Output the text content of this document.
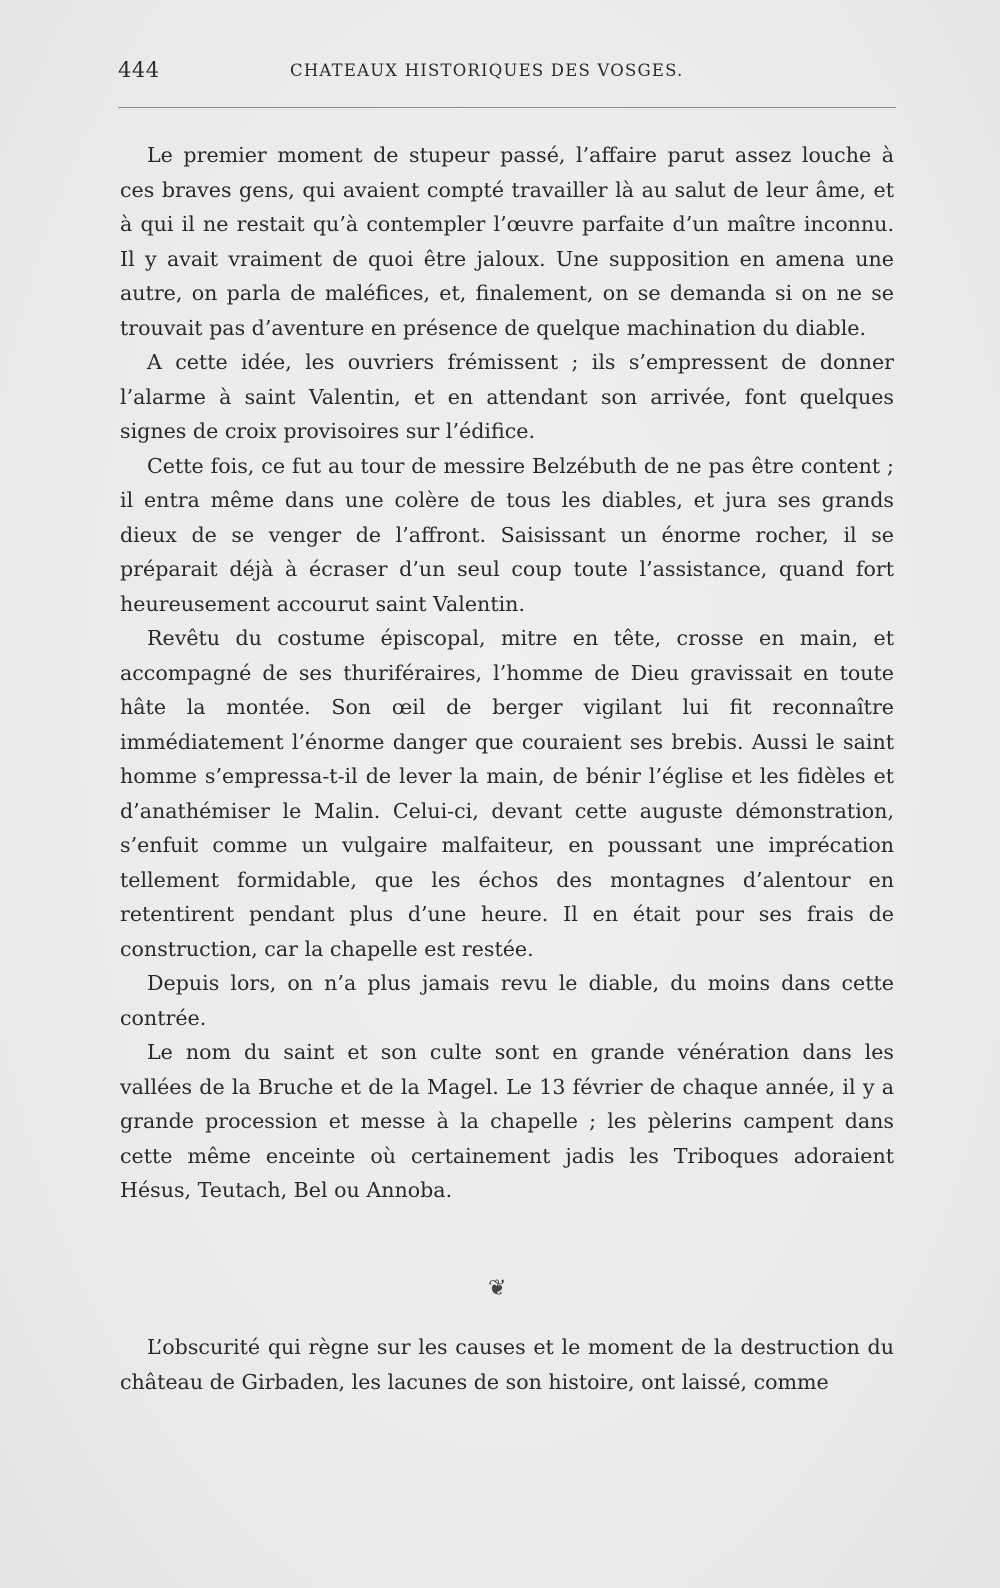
444	CHATEAUX HISTORIQUES DES VOSGES.

Le premier moment de stupeur passé, l’affaire parut assez louche à ces braves gens, qui avaient compté travailler là au salut de leur âme, et à qui il ne restait qu’à contempler l’œuvre parfaite d’un maître inconnu. Il y avait vraiment de quoi être jaloux. Une supposition en amena une autre, on parla de maléfices, et, finalement, on se demanda si on ne se trouvait pas d’aventure en présence de quelque machination du diable.

A cette idée, les ouvriers frémissent ; ils s’empressent de donner l’alarme à saint Valentin, et en attendant son arrivée, font quelques signes de croix provisoires sur l’édifice.

Cette fois, ce fut au tour de messire Belzébuth de ne pas être content ; il entra même dans une colère de tous les diables, et jura ses grands dieux de se venger de l’affront. Saisissant un énorme rocher, il se préparait déjà à écraser d’un seul coup toute l’assistance, quand fort heureusement accourut saint Valentin.

Revêtu du costume épiscopal, mitre en tête, crosse en main, et accompagné de ses thuriféraires, l’homme de Dieu gravissait en toute hâte la montée. Son œil de berger vigilant lui fit reconnaître immédiatement l’énorme danger que couraient ses brebis. Aussi le saint homme s’empressa-t-il de lever la main, de bénir l’église et les fidèles et d’anathémiser le Malin. Celui-ci, devant cette auguste démonstration, s’enfuit comme un vulgaire malfaiteur, en poussant une imprécation tellement formidable, que les échos des montagnes d’alentour en retentirent pendant plus d’une heure. Il en était pour ses frais de construction, car la chapelle est restée.

Depuis lors, on n’a plus jamais revu le diable, du moins dans cette contrée.

Le nom du saint et son culte sont en grande vénération dans les vallées de la Bruche et de la Magel. Le 13 février de chaque année, il y a grande procession et messe à la chapelle ; les pèlerins campent dans cette même enceinte où certainement jadis les Triboques adoraient Hésus, Teutach, Bel ou Annoba.

❦

L’obscurité qui règne sur les causes et le moment de la destruction du château de Girbaden, les lacunes de son histoire, ont laissé, comme
